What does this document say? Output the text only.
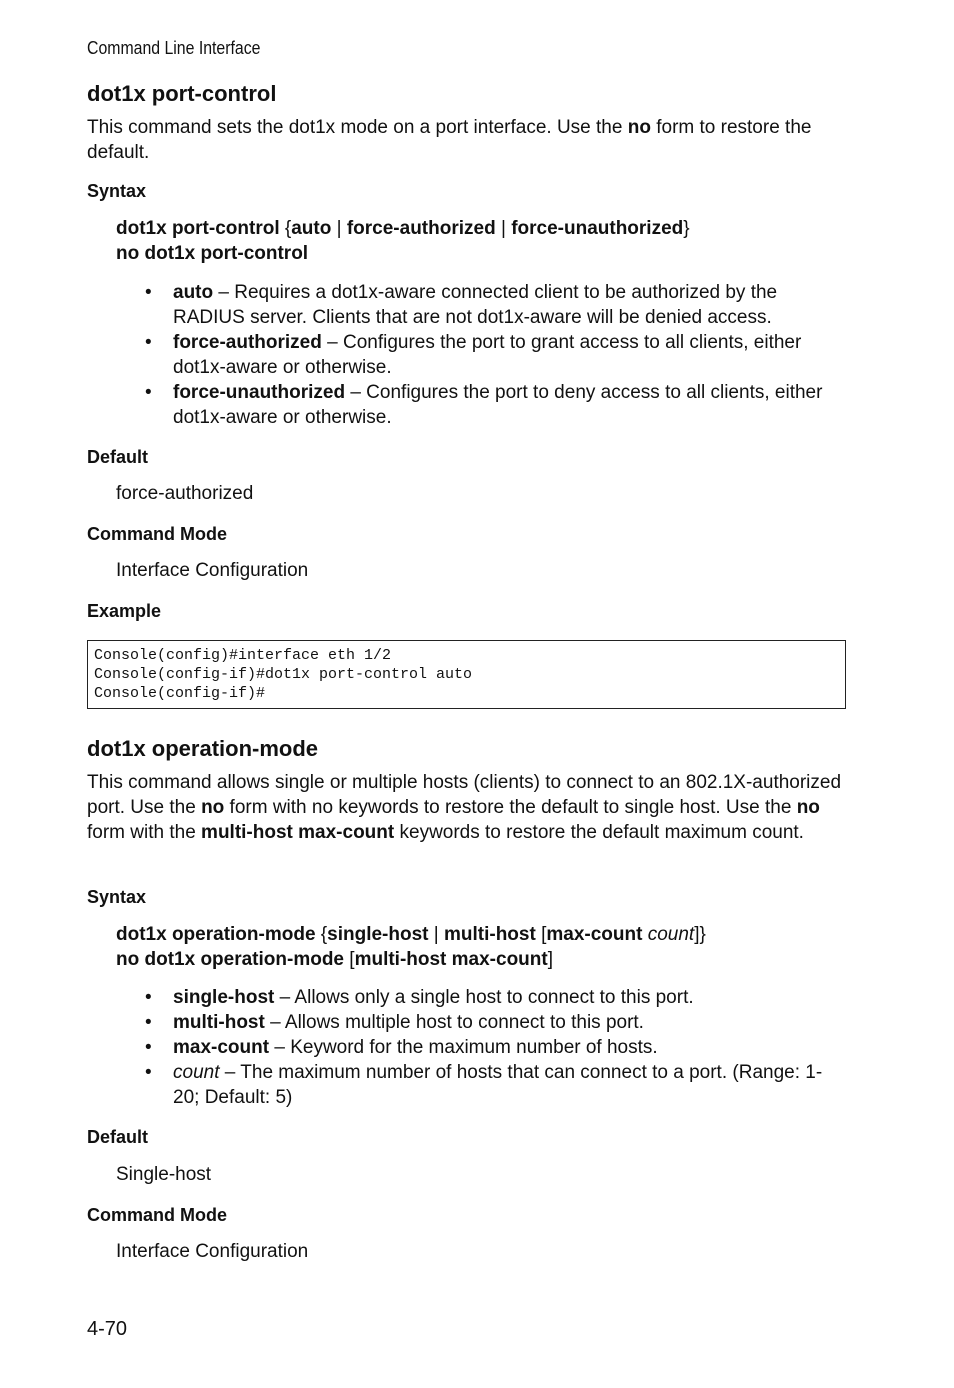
Command Line Interface
dot1x port-control
This command sets the dot1x mode on a port interface. Use the no form to restore the default.
Syntax
dot1x port-control {auto | force-authorized | force-unauthorized}
no dot1x port-control
• auto – Requires a dot1x-aware connected client to be authorized by the RADIUS server. Clients that are not dot1x-aware will be denied access.
• force-authorized – Configures the port to grant access to all clients, either dot1x-aware or otherwise.
• force-unauthorized – Configures the port to deny access to all clients, either dot1x-aware or otherwise.
Default
force-authorized
Command Mode
Interface Configuration
Example
Console(config)#interface eth 1/2
Console(config-if)#dot1x port-control auto
Console(config-if)#
dot1x operation-mode
This command allows single or multiple hosts (clients) to connect to an 802.1X-authorized port. Use the no form with no keywords to restore the default to single host. Use the no form with the multi-host max-count keywords to restore the default maximum count.
Syntax
dot1x operation-mode {single-host | multi-host [max-count count]}
no dot1x operation-mode [multi-host max-count]
• single-host – Allows only a single host to connect to this port.
• multi-host – Allows multiple host to connect to this port.
• max-count – Keyword for the maximum number of hosts.
• count – The maximum number of hosts that can connect to a port. (Range: 1-20; Default: 5)
Default
Single-host
Command Mode
Interface Configuration
4-70
